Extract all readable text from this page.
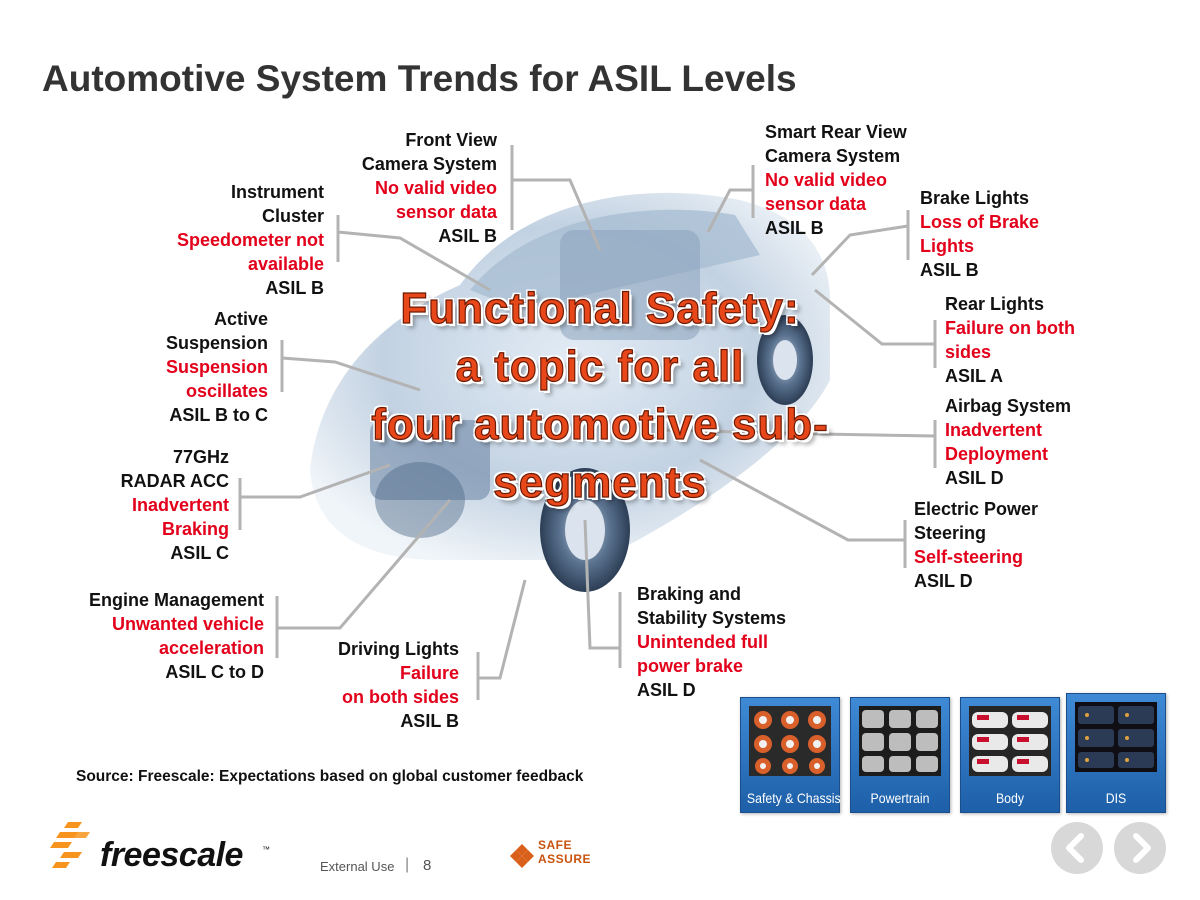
Automotive System Trends for ASIL Levels
Functional Safety:
a topic for all
four automotive sub-
segments
Front View
Camera System
No valid video
sensor data
ASIL B
Instrument
Cluster
Speedometer not
available
ASIL B
Active
Suspension
Suspension
oscillates
ASIL B to C
77GHz
RADAR ACC
Inadvertent
Braking
ASIL C
Engine Management
Unwanted vehicle
acceleration
ASIL C to D
Driving Lights
Failure
on both sides
ASIL B
Braking and
Stability Systems
Unintended full
power brake
ASIL D
Smart Rear View
Camera System
No valid video
sensor data
ASIL B
Brake Lights
Loss of Brake
Lights
ASIL B
Rear Lights
Failure on both
sides
ASIL A
Airbag System
Inadvertent
Deployment
ASIL D
Electric Power
Steering
Self-steering
ASIL D
Source: Freescale: Expectations based on global customer feedback
Safety & Chassis	Powertrain	Body	DIS
freescale ™
External Use | 8
SAFE
ASSURE
